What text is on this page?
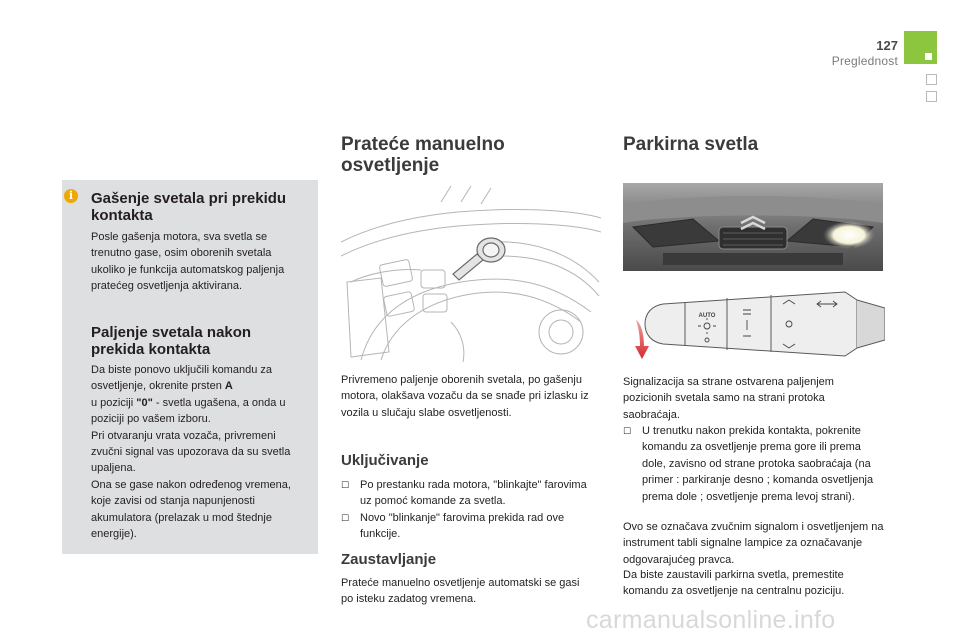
127
Preglednost
i	Gašenje svetala pri prekidu kontakta
Posle gašenja motora, sva svetla se trenutno gase, osim oborenih svetala ukoliko je funkcija automatskog paljenja pratećeg osvetljenja aktivirana.
Paljenje svetala nakon prekida kontakta
Da biste ponovo uključili komandu za osvetljenje, okrenite prsten A
u poziciji "0" - svetla ugašena, a onda u poziciji po vašem izboru.
Pri otvaranju vrata vozača, privremeni zvučni signal vas upozorava da su svetla upaljena.
Ona se gase nakon određenog vremena, koje zavisi od stanja napunjenosti akumulatora (prelazak u mod štednje energije).
Prateće manuelno
osvetljenje
Privremeno paljenje oborenih svetala, po gašenju motora, olakšava vozaču da se snađe pri izlasku iz vozila u slučaju slabe osvetljenosti.
Uključivanje
☐ Po prestanku rada motora, "blinkajte" farovima uz pomoć komande za svetla.
☐ Novo "blinkanje" farovima prekida rad ove funkcije.
Zaustavljanje
Prateće manuelno osvetljenje automatski se gasi po isteku zadatog vremena.
Parkirna svetla
AUTO
Signalizacija sa strane ostvarena paljenjem pozicionih svetala samo na strani protoka saobraćaja.
☐ U trenutku nakon prekida kontakta, pokrenite komandu za osvetljenje prema gore ili prema dole, zavisno od strane protoka saobraćaja (na primer : parkiranje desno ; komanda osvetljenja prema dole ; osvetljenje prema levoj strani).
Ovo se označava zvučnim signalom i osvetljenjem na instrument tabli signalne lampice za označavanje odgovarajućeg pravca.
Da biste zaustavili parkirna svetla, premestite komandu za osvetljenje na centralnu poziciju.
carmanualsonline.info
